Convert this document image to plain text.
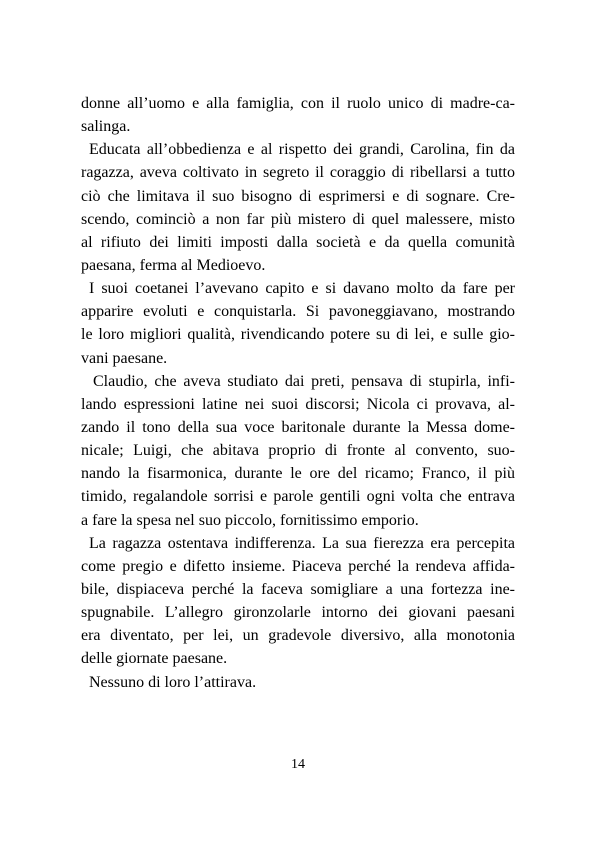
donne all’uomo e alla famiglia, con il ruolo unico di madre-ca-
salinga.
Educata all’obbedienza e al rispetto dei grandi, Carolina, fin da
ragazza, aveva coltivato in segreto il coraggio di ribellarsi a tutto
ciò che limitava il suo bisogno di esprimersi e di sognare. Cre-
scendo, cominciò a non far più mistero di quel malessere, misto
al rifiuto dei limiti imposti dalla società e da quella comunità
paesana, ferma al Medioevo.
I suoi coetanei l’avevano capito e si davano molto da fare per
apparire evoluti e conquistarla. Si pavoneggiavano, mostrando
le loro migliori qualità, rivendicando potere su di lei, e sulle gio-
vani paesane.
Claudio, che aveva studiato dai preti, pensava di stupirla, infi-
lando espressioni latine nei suoi discorsi; Nicola ci provava, al-
zando il tono della sua voce baritonale durante la Messa dome-
nicale; Luigi, che abitava proprio di fronte al convento, suo-
nando la fisarmonica, durante le ore del ricamo; Franco, il più
timido, regalandole sorrisi e parole gentili ogni volta che entrava
a fare la spesa nel suo piccolo, fornitissimo emporio.
La ragazza ostentava indifferenza. La sua fierezza era percepita
come pregio e difetto insieme. Piaceva perché la rendeva affida-
bile, dispiaceva perché la faceva somigliare a una fortezza ine-
spugnabile. L’allegro gironzolarle intorno dei giovani paesani
era diventato, per lei, un gradevole diversivo, alla monotonia
delle giornate paesane.
Nessuno di loro l’attirava.
14
